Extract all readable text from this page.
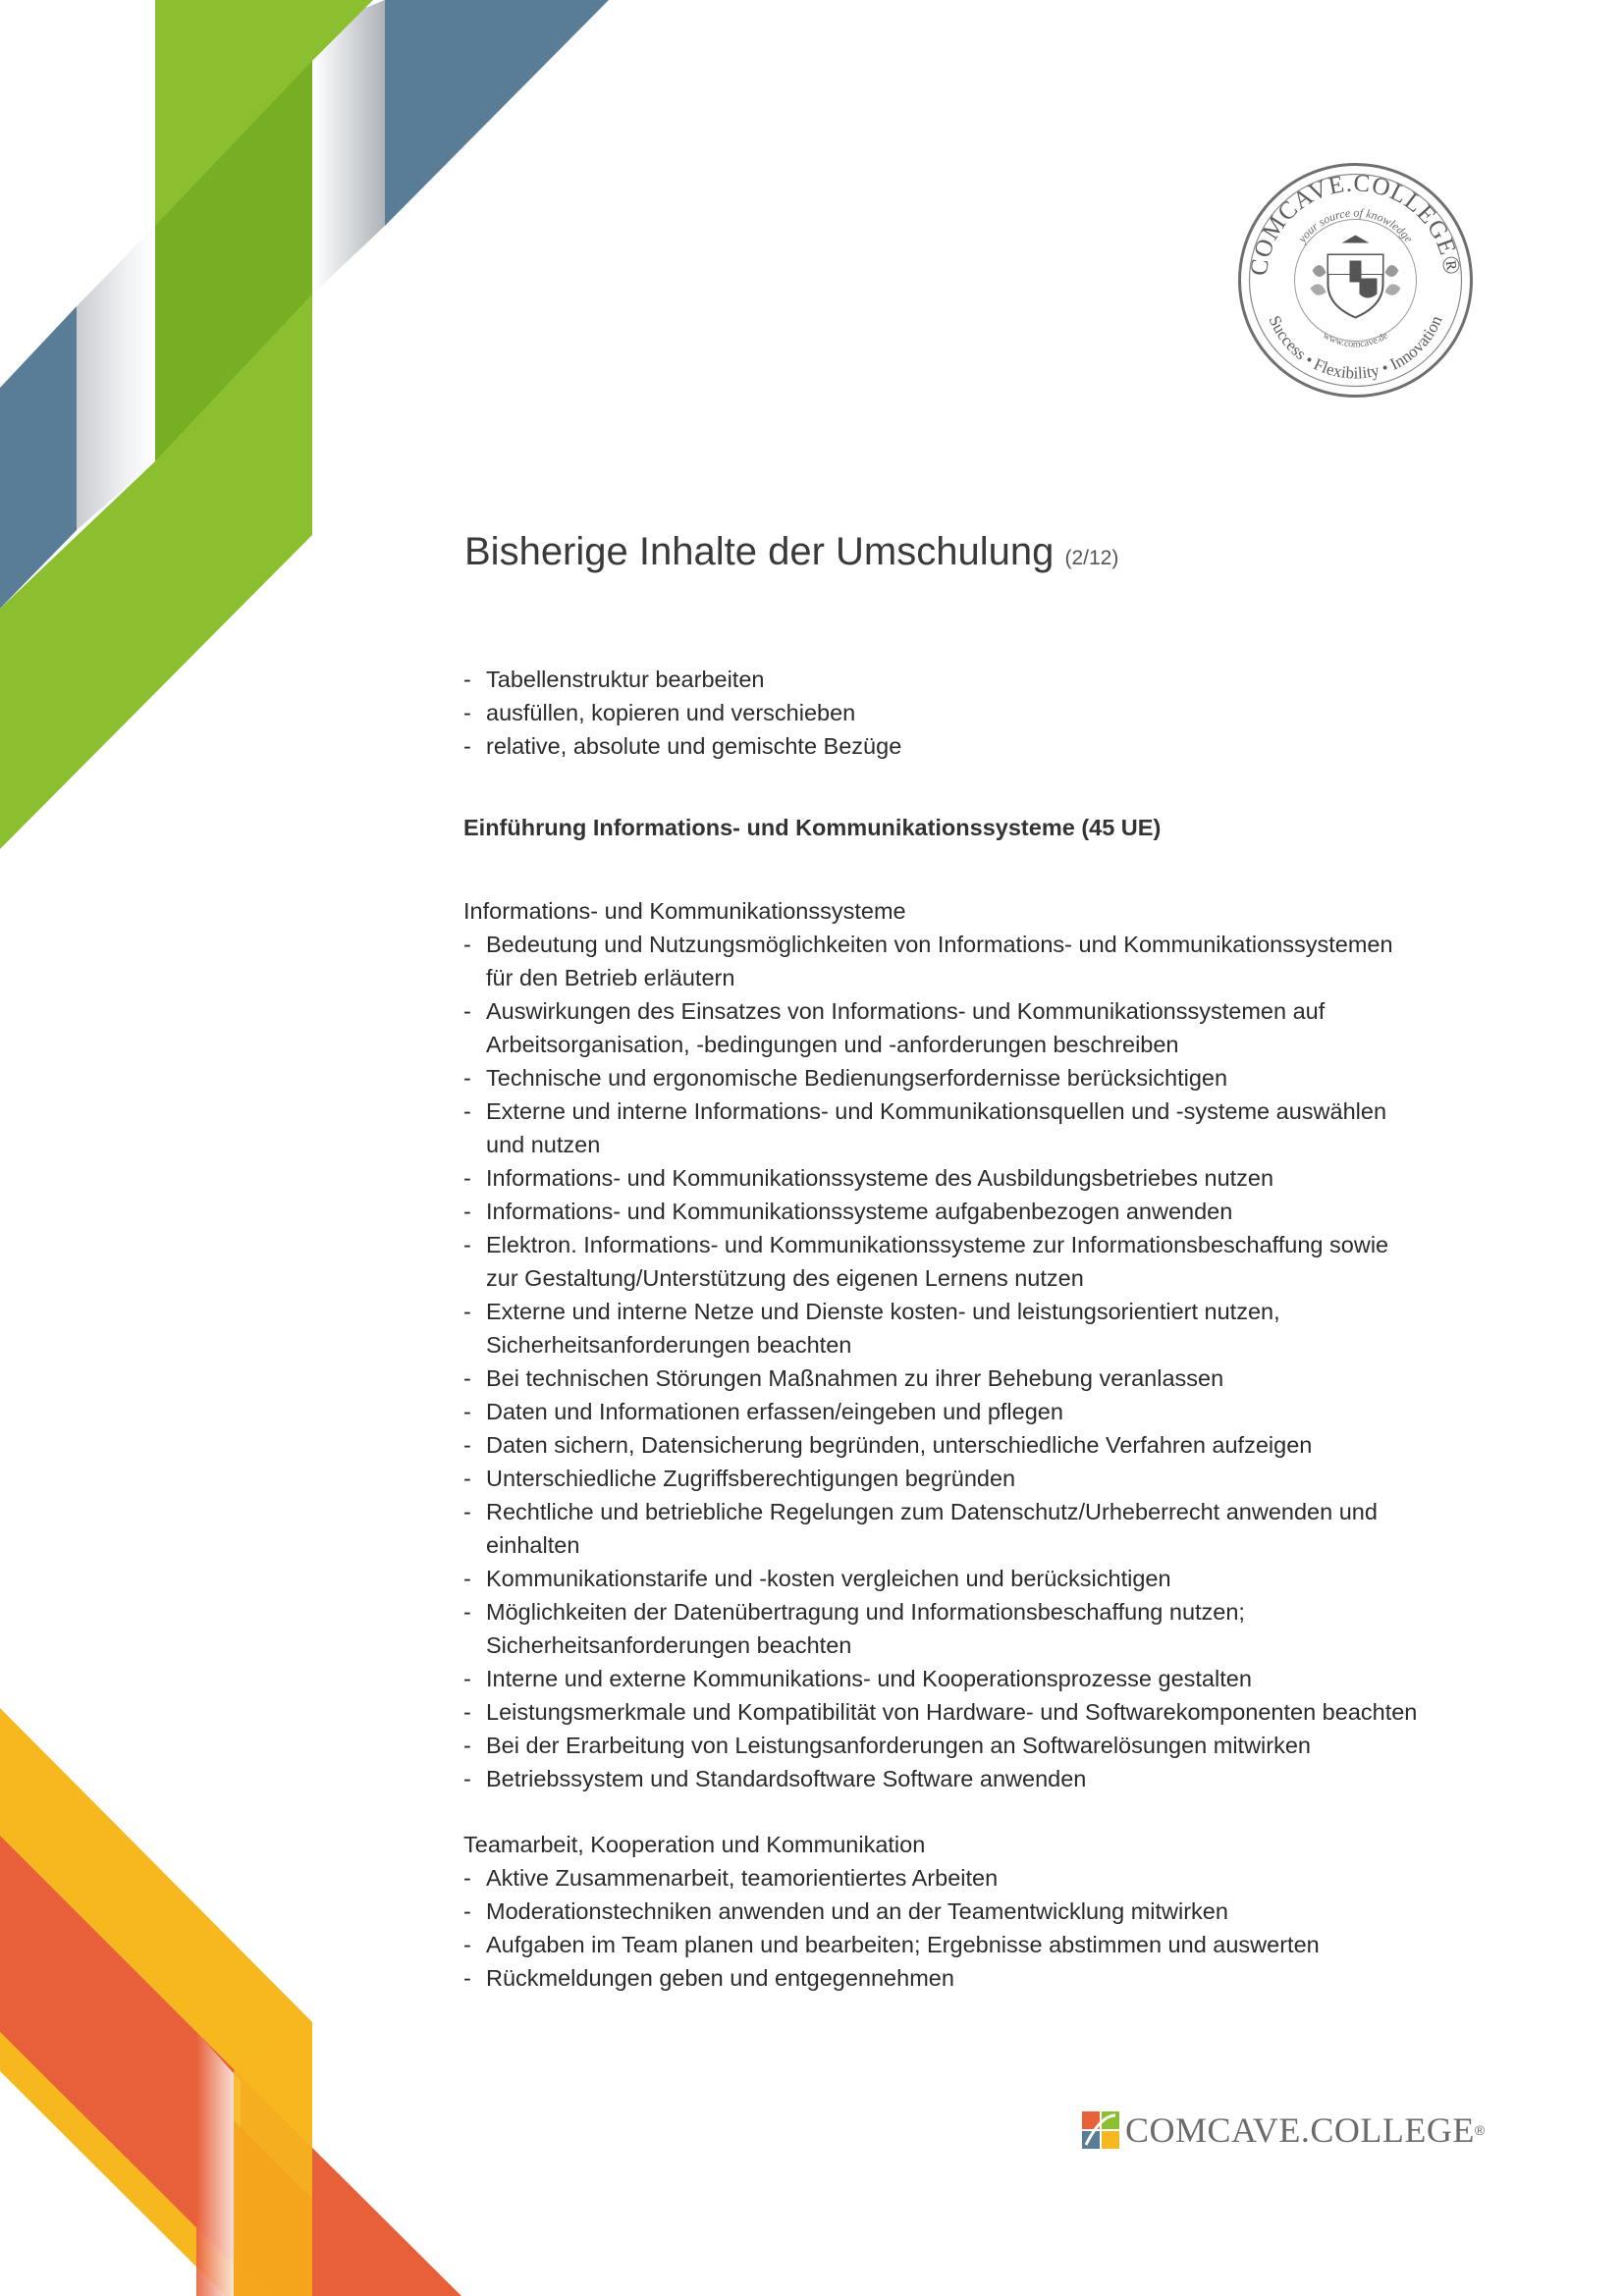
COMCAVE.COLLEGE®
your source of knowledge
Success • Flexibility • Innovation
www.comcave.de
Bisherige Inhalte der Umschulung (2/12)
- Tabellenstruktur bearbeiten
- ausfüllen, kopieren und verschieben
- relative, absolute und gemischte Bezüge

Einführung Informations- und Kommunikationssysteme (45 UE)

Informations- und Kommunikationssysteme

- Bedeutung und Nutzungsmöglichkeiten von Informations- und Kommunikationssystemen
für den Betrieb erläutern
- Auswirkungen des Einsatzes von Informations- und Kommunikationssystemen auf
Arbeitsorganisation, -bedingungen und -anforderungen beschreiben
- Technische und ergonomische Bedienungserfordernisse berücksichtigen
- Externe und interne Informations- und Kommunikationsquellen und -systeme auswählen
und nutzen
- Informations- und Kommunikationssysteme des Ausbildungsbetriebes nutzen
- Informations- und Kommunikationssysteme aufgabenbezogen anwenden
- Elektron. Informations- und Kommunikationssysteme zur Informationsbeschaffung sowie
zur Gestaltung/Unterstützung des eigenen Lernens nutzen
- Externe und interne Netze und Dienste kosten- und leistungsorientiert nutzen,
Sicherheitsanforderungen beachten
- Bei technischen Störungen Maßnahmen zu ihrer Behebung veranlassen
- Daten und Informationen erfassen/eingeben und pflegen
- Daten sichern, Datensicherung begründen, unterschiedliche Verfahren aufzeigen
- Unterschiedliche Zugriffsberechtigungen begründen
- Rechtliche und betriebliche Regelungen zum Datenschutz/Urheberrecht anwenden und
einhalten
- Kommunikationstarife und -kosten vergleichen und berücksichtigen
- Möglichkeiten der Datenübertragung und Informationsbeschaffung nutzen;
Sicherheitsanforderungen beachten
- Interne und externe Kommunikations- und Kooperationsprozesse gestalten
- Leistungsmerkmale und Kompatibilität von Hardware- und Softwarekomponenten beachten
- Bei der Erarbeitung von Leistungsanforderungen an Softwarelösungen mitwirken
- Betriebssystem und Standardsoftware Software anwenden

Teamarbeit, Kooperation und Kommunikation

- Aktive Zusammenarbeit, teamorientiertes Arbeiten
- Moderationstechniken anwenden und an der Teamentwicklung mitwirken
- Aufgaben im Team planen und bearbeiten; Ergebnisse abstimmen und auswerten
- Rückmeldungen geben und entgegennehmen
COMCAVE.COLLEGE ®
